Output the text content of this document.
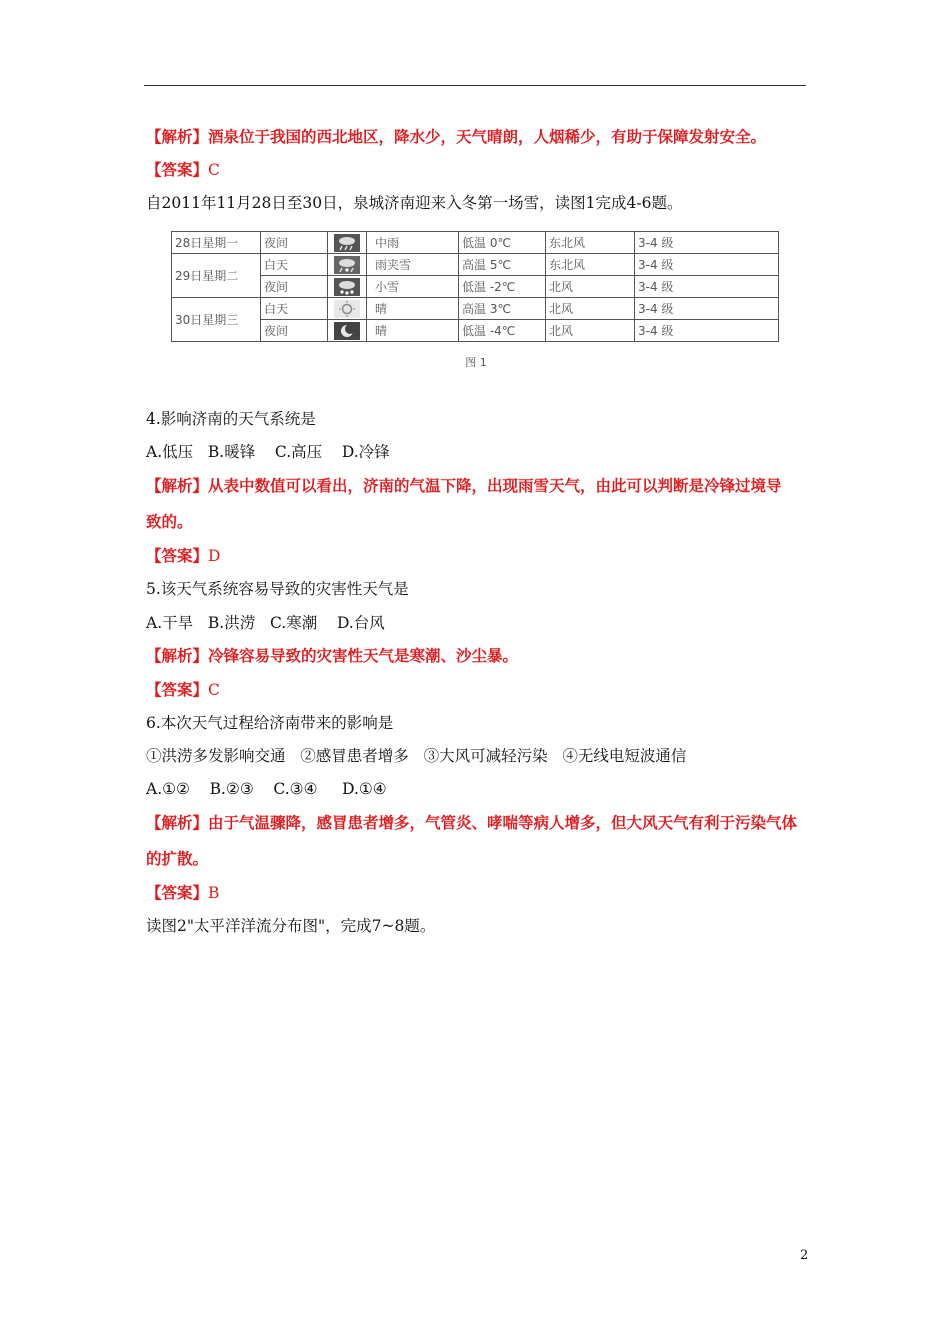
【解析】酒泉位于我国的西北地区，降水少，天气晴朗，人烟稀少，有助于保障发射安全。
【答案】C
自2011年11月28日至30日，泉城济南迎来入冬第一场雪，读图1完成4-6题。
28日星期一	夜间		中雨	低温 0℃	东北风	3-4 级
29日星期二	白天		雨夹雪	高温 5℃	东北风	3-4 级
	夜间		小雪	低温 -2℃	北风	3-4 级
30日星期三	白天		晴	高温 3℃	北风	3-4 级
	夜间		晴	低温 -4℃	北风	3-4 级
图 1
4.影响济南的天气系统是
A.低压   B.暖锋    C.高压    D.冷锋
【解析】从表中数值可以看出，济南的气温下降，出现雨雪天气，由此可以判断是冷锋过境导
致的。
【答案】D
5.该天气系统容易导致的灾害性天气是
A.干旱   B.洪涝   C.寒潮    D.台风
【解析】冷锋容易导致的灾害性天气是寒潮、沙尘暴。
【答案】C
6.本次天气过程给济南带来的影响是
①洪涝多发影响交通   ②感冒患者增多   ③大风可减轻污染   ④无线电短波通信
A.①②    B.②③    C.③④     D.①④
【解析】由于气温骤降，感冒患者增多，气管炎、哮喘等病人增多，但大风天气有利于污染气体
的扩散。
【答案】B
读图2"太平洋洋流分布图"，完成7~8题。
2
